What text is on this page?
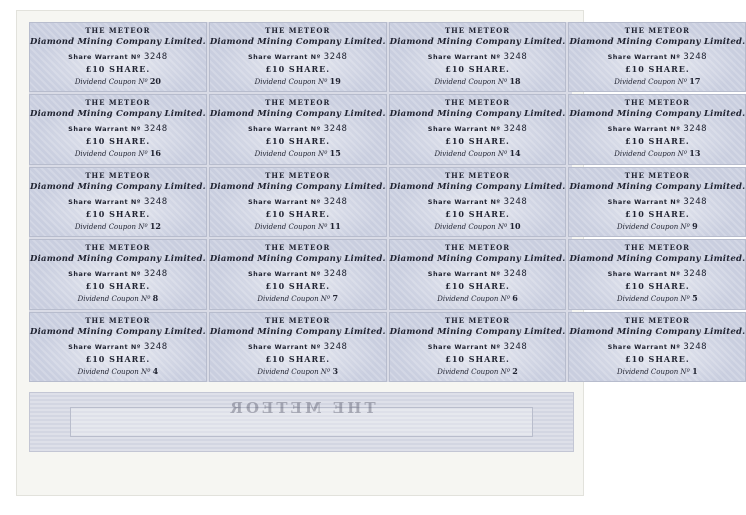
THE METEOR
Diamond Mining Company Limited.
Share Warrant Nº 3248
£10 SHARE.
Dividend Coupon Nº 20
THE METEOR
Diamond Mining Company Limited.
Share Warrant Nº 3248
£10 SHARE.
Dividend Coupon Nº 19
THE METEOR
Diamond Mining Company Limited.
Share Warrant Nº 3248
£10 SHARE.
Dividend Coupon Nº 18
THE METEOR
Diamond Mining Company Limited.
Share Warrant Nº 3248
£10 SHARE.
Dividend Coupon Nº 17
THE METEOR
Diamond Mining Company Limited.
Share Warrant Nº 3248
£10 SHARE.
Dividend Coupon Nº 16
THE METEOR
Diamond Mining Company Limited.
Share Warrant Nº 3248
£10 SHARE.
Dividend Coupon Nº 15
THE METEOR
Diamond Mining Company Limited.
Share Warrant Nº 3248
£10 SHARE.
Dividend Coupon Nº 14
THE METEOR
Diamond Mining Company Limited.
Share Warrant Nº 3248
£10 SHARE.
Dividend Coupon Nº 13
THE METEOR
Diamond Mining Company Limited.
Share Warrant Nº 3248
£10 SHARE.
Dividend Coupon Nº 12
THE METEOR
Diamond Mining Company Limited.
Share Warrant Nº 3248
£10 SHARE.
Dividend Coupon Nº 11
THE METEOR
Diamond Mining Company Limited.
Share Warrant Nº 3248
£10 SHARE.
Dividend Coupon Nº 10
THE METEOR
Diamond Mining Company Limited.
Share Warrant Nº 3248
£10 SHARE.
Dividend Coupon Nº 9
THE METEOR
Diamond Mining Company Limited.
Share Warrant Nº 3248
£10 SHARE.
Dividend Coupon Nº 8
THE METEOR
Diamond Mining Company Limited.
Share Warrant Nº 3248
£10 SHARE.
Dividend Coupon Nº 7
THE METEOR
Diamond Mining Company Limited.
Share Warrant Nº 3248
£10 SHARE.
Dividend Coupon Nº 6
THE METEOR
Diamond Mining Company Limited.
Share Warrant Nº 3248
£10 SHARE.
Dividend Coupon Nº 5
THE METEOR
Diamond Mining Company Limited.
Share Warrant Nº 3248
£10 SHARE.
Dividend Coupon Nº 4
THE METEOR
Diamond Mining Company Limited.
Share Warrant Nº 3248
£10 SHARE.
Dividend Coupon Nº 3
THE METEOR
Diamond Mining Company Limited.
Share Warrant Nº 3248
£10 SHARE.
Dividend Coupon Nº 2
THE METEOR
Diamond Mining Company Limited.
Share Warrant Nº 3248
£10 SHARE.
Dividend Coupon Nº 1
THE METEOR
